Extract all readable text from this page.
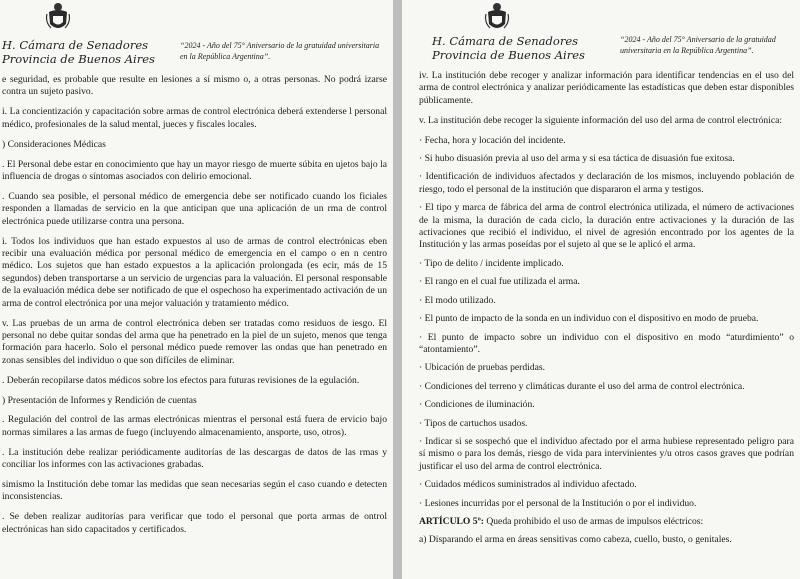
H. Cámara de Senadores
Provincia de Buenos Aires
“2024 - Año del 75° Aniversario de la gratuidad universitaria en la República Argentina”.

e seguridad, es probable que resulte en lesiones a sí mismo o, a otras personas. No podrá izarse contra un sujeto pasivo.

i. La concientización y capacitación sobre armas de control electrónica deberá extenderse l personal médico, profesionales de la salud mental, jueces y fiscales locales.

) Consideraciones Médicas

. El Personal debe estar en conocimiento que hay un mayor riesgo de muerte súbita en ujetos bajo la influencia de drogas o síntomas asociados con delirio emocional.

. Cuando sea posible, el personal médico de emergencia debe ser notificado cuando los ficiales responden a llamadas de servicio en la que anticipan que una aplicación de un rma de control electrónica puede utilizarse contra una persona.

i. Todos los individuos que han estado expuestos al uso de armas de control electrónicas eben recibir una evaluación médica por personal médico de emergencia en el campo o en n centro médico. Los sujetos que han estado expuestos a la aplicación prolongada (es ecir, más de 15 segundos) deben transportarse a un servicio de urgencias para la valuación. El personal responsable de la evaluación médica debe ser notificado de que el ospechoso ha experimentado activación de un arma de control electrónica por una mejor valuación y tratamiento médico.

v. Las pruebas de un arma de control electrónica deben ser tratadas como residuos de iesgo. El personal no debe quitar sondas del arma que ha penetrado en la piel de un sujeto, menos que tenga formación para hacerlo. Solo el personal médico puede remover las ondas que han penetrado en zonas sensibles del individuo o que son difíciles de eliminar.

. Deberán recopilarse datos médicos sobre los efectos para futuras revisiones de la egulación.

) Presentación de Informes y Rendición de cuentas

. Regulación del control de las armas electrónicas mientras el personal está fuera de ervicio bajo normas similares a las armas de fuego (incluyendo almacenamiento, ansporte, uso, otros).

. La institución debe realizar periódicamente auditorías de las descargas de datos de las rmas y conciliar los informes con las activaciones grabadas.

simismo la Institución debe tomar las medidas que sean necesarias según el caso cuando e detecten inconsistencias.

. Se deben realizar auditorías para verificar que todo el personal que porta armas de ontrol electrónicas han sido capacitados y certificados.

H. Cámara de Senadores
Provincia de Buenos Aires
“2024 - Año del 75° Aniversario de la gratuidad universitaria en la República Argentina”.

iv. La institución debe recoger y analizar información para identificar tendencias en el uso del arma de control electrónica y analizar periódicamente las estadísticas que deben estar disponibles públicamente.

v. La institución debe recoger la siguiente información del uso del arma de control electrónica:

· Fecha, hora y locación del incidente.

· Si hubo disuasión previa al uso del arma y si esa táctica de disuasión fue exitosa.

· Identificación de individuos afectados y declaración de los mismos, incluyendo población de riesgo, todo el personal de la institución que dispararon el arma y testigos.

· El tipo y marca de fábrica del arma de control electrónica utilizada, el número de activaciones de la misma, la duración de cada ciclo, la duración entre activaciones y la duración de las activaciones que recibió el individuo, el nivel de agresión encontrado por los agentes de la Institución y las armas poseídas por el sujeto al que se le aplicó el arma.

· Tipo de delito / incidente implicado.

· El rango en el cual fue utilizada el arma.

· El modo utilizado.

· El punto de impacto de la sonda en un individuo con el dispositivo en modo de prueba.

· El punto de impacto sobre un individuo con el dispositivo en modo “aturdimiento” o “atontamiento”.

· Ubicación de pruebas perdidas.

· Condiciones del terreno y climáticas durante el uso del arma de control electrónica.

· Condiciones de iluminación.

· Tipos de cartuchos usados.

· Indicar si se sospechó que el individuo afectado por el arma hubiese representado peligro para sí mismo o para los demás, riesgo de vida para intervinientes y/u otros casos graves que podrían justificar el uso del arma de control electrónica.

· Cuidados médicos suministrados al individuo afectado.

· Lesiones incurridas por el personal de la Institución o por el individuo.

ARTÍCULO 5º: Queda prohibido el uso de armas de impulsos eléctricos:

a) Disparando el arma en áreas sensitivas como cabeza, cuello, busto, o genitales.
